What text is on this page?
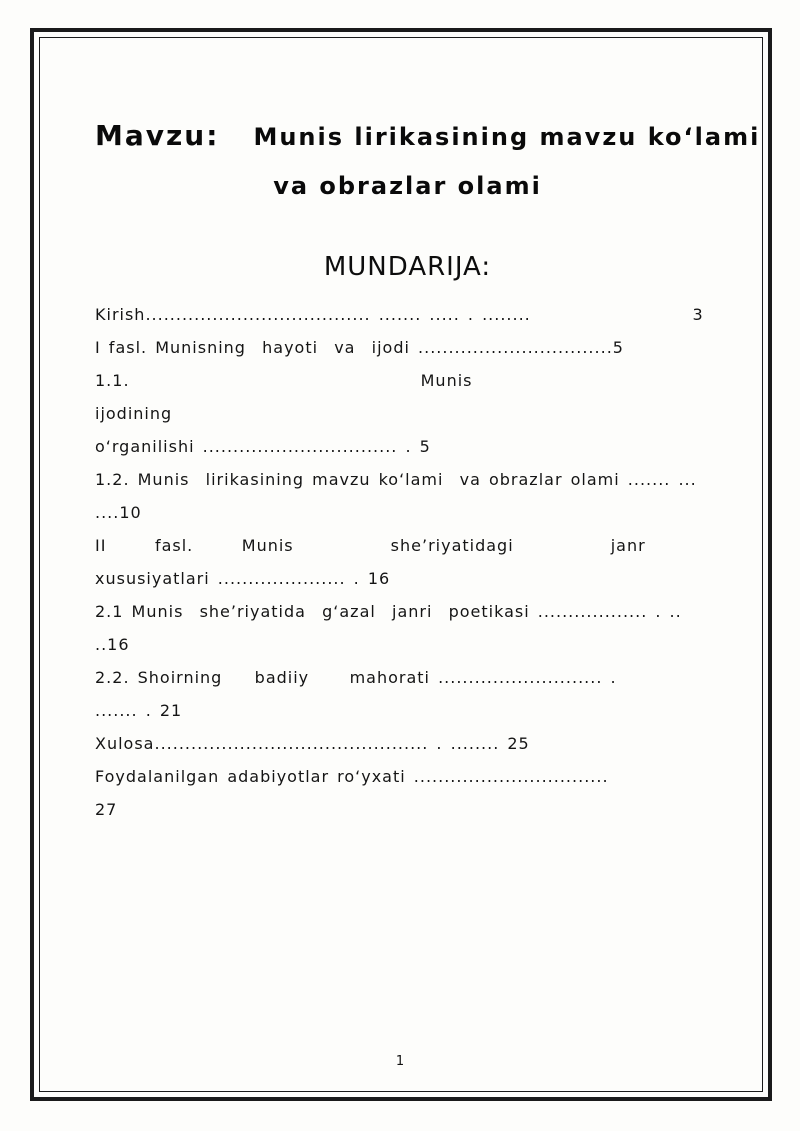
Mavzu: Munis lirikasining mavzu ko‘lami
va obrazlar olami
MUNDARIJA:
Kirish..................................... ....... ..... . ........                    3
I fasl. Munisning  hayoti  va  ijodi ................................5
1.1.                                    Munis                                    ijodining
o‘rganilishi ................................ . 5
1.2. Munis  lirikasining mavzu ko‘lami  va obrazlar olami ....... ...
....10
II      fasl.      Munis            she’riyatidagi            janr
xususiyatlari ..................... . 16
2.1 Munis  she’riyatida  g‘azal  janri  poetikasi .................. . ..
..16
2.2. Shoirning    badiiy     mahorati ........................... .
....... . 21
Xulosa............................................. . ........ 25
Foydalanilgan adabiyotlar ro‘yxati ................................
27
1
